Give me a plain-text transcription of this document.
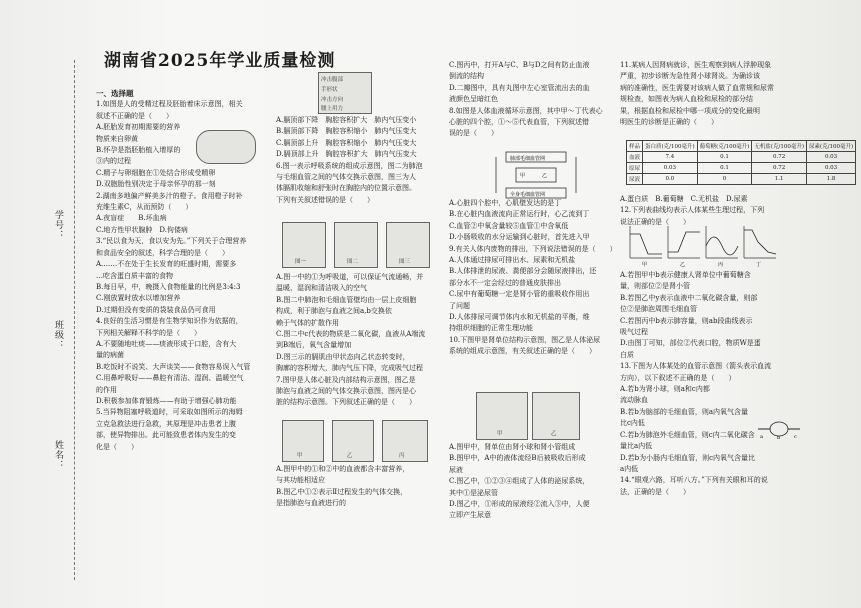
学号：
班级：
姓名：
湖南省2025年学业质量检测

一、选择题

1.如图是人的受精过程及胚胎着床示意图，相关

叙述不正确的是（　　）

A.胚胎发育初期需要的营养

物质来自卵黄

B.怀孕是指胚胎植入增厚的

③内的过程

C.精子与卵细胞在①处结合形成受精卵

D.双胞胎性别决定于母亲怀孕的那一刻

2.湖南多地偏产鲜美多汁的橙子。食用橙子时补

充维生素C，从而预防（　　）

A.夜盲症　　B.坏血病

C.地方性甲状腺肿　D.佝偻病

3.“民以食为天，食以安为先。”下列关于合理营养

和食品安全的叙述，科学合理的是（　　）

A.……不在处于生长发育的旺盛时期，需要多

…吃含蛋白质丰富的食物

B.每日早，中，晚摄入食物能量的比例是3:4:3

C.刚放置时放水以增加营养

D.过期但没有变质的袋装食品仍可食用

4.良好的生活习惯是有生物学知识作为依据的，

下列相关解释不科学的是（　　）

A.不要随地吐痰——痰液形成于口腔，含有大

量的病菌

B.吃饭时不说笑、大声谈笑——食物容易误入气管

C.用鼻呼吸好——鼻腔有清洁、湿润、温暖空气

的作用

D.积极参加体育锻炼——有助于增强心肺功能

5.当异物阻塞呼吸道时，可采取如图所示的海姆

立克急救法进行急救，其原理是冲击患者上腹

部，使异物排出。此可能致患者体内发生的变

化是（　　）

冲击腹部
手形状
冲击方向
腰上用力

A.膈顶部下降　胸腔容积扩大　肺内气压变小

B.膈顶部下降　胸腔容积缩小　肺内气压变大

C.膈顶部上升　胸腔容积缩小　肺内气压变大

D.膈顶部上升　胸腔容积扩大　肺内气压变大

6.图一表示呼吸系统的组成示意图，图二为肺泡

与毛细血管之间的气体交换示意图，图三为人

体膈肌收缩和舒张时在胸腔内的位置示意图。

下列有关叙述错误的是（　　）

图一	图二	图三

A.图一中的①为呼吸道，可以保证气流通畅，并

温暖、湿润和清洁吸入的空气

B.图二中肺泡和毛细血管壁均由一层上皮细胞

构成，利于肺泡与血液之间a,b交换依

赖于气体的扩散作用

C.图二中c代表的物质是二氧化碳，血液从A端流

到B端后，氧气含量增加

D.图三示的膈肌由甲状态向乙状态转变时，

胸廓的容积增大，肺内气压下降，完成吸气过程

7.图甲是人体心脏及内部结构示意图，图乙是

肺泡与血液之间的气体交换示意图，图丙是心

脏的结构示意图。下列叙述正确的是（　　）

甲	乙	丙

A.图甲中的①和②中的血液都含丰富营养，

与其功能相适应

B.图乙中①②表示Ⅱ过程发生的气体交换，

是指肺泡与血液进行的

C.图丙中，打开A与C、B与D之间有防止血液

倒流的结构

D.二瓣图中，具有丸图中左心室管流出去的血

液颜色呈暗红色

8.如图是人体血液循环示意图，其中甲～丁代表心

心脏的四个腔，①～⑤代表血管，下列叙述错

误的是（　　）

肺部毛细血管网
全身毛细血管网
甲	乙

A.心脏四个腔中，心肌壁发达的是丁

B.在心脏内血液流向正常运行时，心乙流到丁

C.血管②中氧含量较⑤血管①中含氧低

D.小肠吸收的水分运输到心脏时，首先进入甲

9.有关人体内废物的排出，下列说法错误的是（　　）

A.人体通过排尿可排出水、尿素和无机盐

B.人体排泄的尿液、粪便部分会随尿液排出，还

部分水不一定会经过的普通皮肤排出

C.尿中有葡萄糖一定是肾小管的重吸收作用出

了问题

D.人体排尿可调节体内水和无机盐的平衡，维

持组织细胞的正常生理功能

10.下图甲是肾单位结构示意图，图乙是人体泌尿

系统的组成示意图，有关叙述正确的是（　　）

甲	乙

A.图甲中，肾单位由肾小球和肾小管组成

B.图甲中，A中的液体流经B后被吸收后形成

尿液

C.图乙中，①②③④组成了人体的泌尿系统，

其中①是泌尿管

D.图乙中，①形成的尿液经②流入③中，人便

立即产生尿意

11.某病人因肾病就诊，医生观察到病人浮肿现象

严重，初步诊断为急性肾小球肾炎。为确诊该

病的准确性，医生需要对该病人做了血常规和尿常

规检查，如图表为病人血检和尿检的部分结

果，根据血检和尿检中哪一项成分的变化最明

明医生的诊断是正确的（　　）

样品	蛋白质(克/100毫升)	葡萄糖(克/100毫升)	无机盐(克/100毫升)	尿素(克/100毫升)
血液	7.4	0.1	0.72	0.03
原尿	0.03	0.1	0.72	0.03
尿液	0.0	0	1.1	1.8

A.蛋白质　B.葡萄糖　C.无机盐　D.尿素

12.下列表曲线均表示人体某些生理过程，下列

说法正确的是（　　）

甲	乙	丙	丁

A.若图甲中b表示健康人肾单位中葡萄糖含

量，则部位②是肾小管

B.若图乙中y表示血液中二氧化碳含量，则部

位②是肺泡周围毛细血管

C.若图丙中b表示肺容量，则ab段曲线表示

吸气过程

D.由图丁可知，部位②代表口腔，物质W是蛋

白质

13.下图为人体某处的血管示意图（箭头表示血流

方向），以下叙述不正确的是（　　）

A.若b为肾小球，则a和c内都

流动脉血

B.若b为脑部的毛细血管，则a内氧气含量

比c内低

C.若b为肺泡外毛细血管，则c内二氧化碳含

量比a内低

D.若b为小肠内毛细血管，则c内氧气含量比

a内低

14.“眼观六路，耳听八方。”下列有关眼和耳的说

法，正确的是（　　）

a	b	c
